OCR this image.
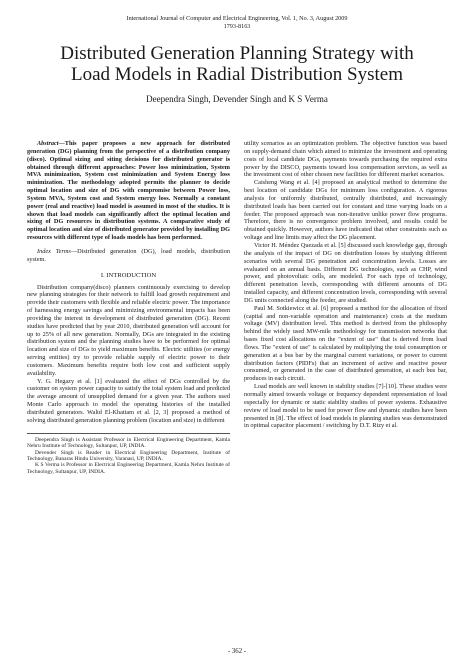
International Journal of Computer and Electrical Engineering, Vol. 1, No. 3, August 2009
1793-8163
Distributed Generation Planning Strategy with
Load Models in Radial Distribution System
Deependra Singh, Devender Singh and K S Verma

Abstract—This paper proposes a new approach for distributed generation (DG) planning from the perspective of a distribution company (disco). Optimal sizing and siting decisions for distributed generator is obtained through different approaches: Power loss minimization, System MVA minimization, System cost minimization and System Energy loss minimization. The methodology adopted permits the planner to decide optimal location and size of DG with compromise between Power loss, System MVA, System cost and System energy loss. Normally a constant power (real and reactive) load model is assumed in most of the studies. It is shown that load models can significantly affect the optimal location and sizing of DG resources in distribution systems. A comparative study of optimal location and size of distributed generator provided by installing DG resources with different type of loads models has been performed.

Index Terms—Distributed generation (DG), load models, distribution system.

I. INTRODUCTION

Distribution company(disco) planners continuously exercising to develop new planning strategies for their network to fulfill load growth requirement and provide their customers with flexible and reliable electric power. The importance of harnessing energy savings and minimizing environmental impacts has been providing the interest in development of distributed generation (DG). Recent studies have predicted that by year 2010, distributed generation will account for up to 25% of all new generation. Normally, DGs are integrated in the existing distribution system and the planning studies have to be performed for optimal location and size of DGs to yield maximum benefits. Electric utilities (or energy serving entities) try to provide reliable supply of electric power to their customers. Maximum benefits require both low cost and sufficient supply availability.

Y. G. Hegazy et al. [1] evaluated the effect of DGs controlled by the customer on system power capacity to satisfy the total system load and predicted the average amount of unsupplied demand for a given year. The authors used Monte Carlo approach to model the operating histories of the installed distributed generators. Walid El-Khattam et al. [2, 3] proposed a method of solving distributed generation planning problem (location and size) in different

Deependra Singh is Assistant Professor in Electrical Engineering Department, Kamla Nehru Institute of Technology, Sultanpur, UP, INDIA.

Devender Singh is Reader in Electrical Engineering Department, Institute of Technology, Banaras Hindu University, Varanasi, UP, INDIA.

K S Verma is Professor in Electrical Engineering Department, Kamla Nehru Institute of Technology, Sultanpur, UP, INDIA.

utility scenarios as an optimization problem. The objective function was based on supply-demand chain which aimed to minimize the investment and operating costs of local candidate DGs, payments towards purchasing the required extra power by the DISCO, payments toward loss compensation services, as well as the investment cost of other chosen new facilities for different market scenarios.

Caisheng Wang et al. [4] proposed an analytical method to determine the best location of candidate DGs for minimum loss configuration. A rigorous analysis for uniformly distributed, centrally distributed, and increasingly distributed loads has been carried out for constant and time varying loads on a feeder. The proposed approach was non-iterative unlike power flow programs. Therefore, there is no convergence problem involved, and results could be obtained quickly. However, authors have indicated that other constraints such as voltage and line limits may affect the DG placement.

Victor H. Méndez Quezada et al. [5] discussed such knowledge gap, through the analysis of the impact of DG on distribution losses by studying different scenarios with several DG penetration and concentration levels. Losses are evaluated on an annual basis. Different DG technologies, such as CHP, wind power, and photovoltaic cells, are modeled. For each type of technology, different penetration levels, corresponding with different amounts of DG installed capacity, and different concentration levels, corresponding with several DG units connected along the feeder, are studied.

Paul M. Sotkiewicz et al. [6] proposed a method for the allocation of fixed (capital and non-variable operation and maintenance) costs at the medium voltage (MV) distribution level. This method is derived from the philosophy behind the widely used MW-mile methodology for transmission networks that bases fixed cost allocations on the "extent of use" that is derived from load flows. The "extent of use" is calculated by multiplying the total consumption or generation at a bus bar by the marginal current variations, or power to current distribution factors (PIDFs) that an increment of active and reactive power consumed, or generated in the case of distributed generation, at each bus bar, produces in each circuit.

Load models are well known in stability studies [7]-[10]. These studies were normally aimed towards voltage or frequency dependent representation of load especially for dynamic or static stability studies of power systems. Exhaustive review of load model to be used for power flow and dynamic studies have been presented in [8]. The effect of load models in planning studies was demonstrated in optimal capacitor placement / switching by D.T. Rizy et al.

- 362 -
